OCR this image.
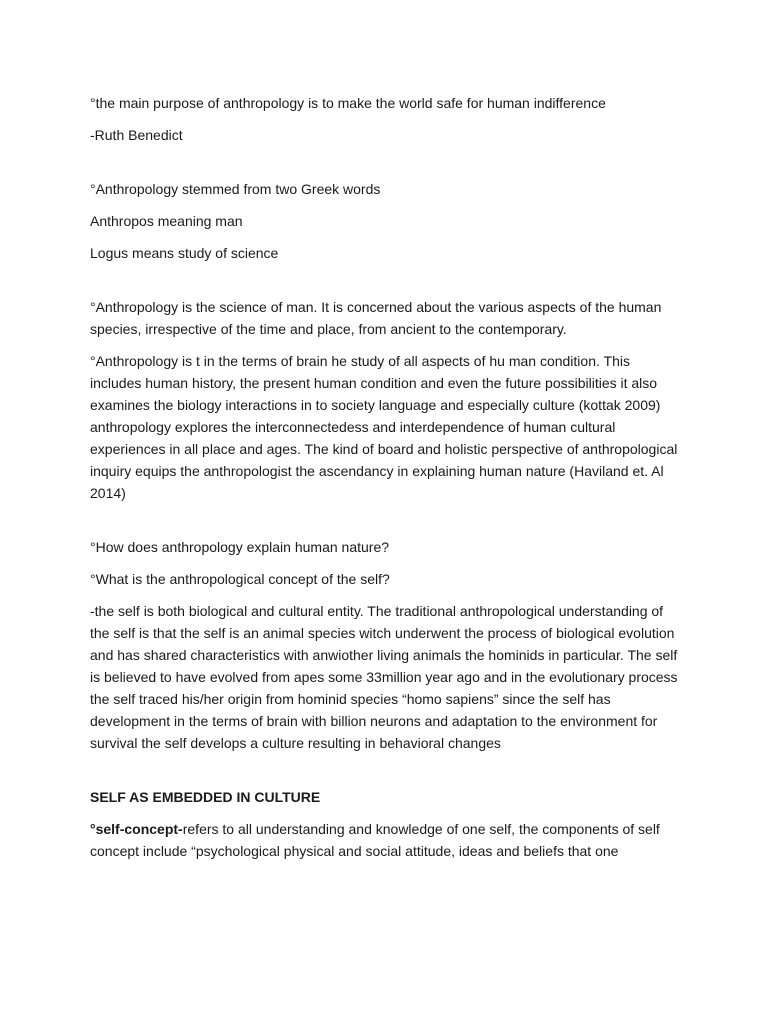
°the main purpose of anthropology is to make the world safe for human indifference

-Ruth Benedict

°Anthropology stemmed from two Greek words

Anthropos meaning man

Logus means study of science

°Anthropology is the science of man. It is concerned about the various aspects of the human species, irrespective of the time and place, from ancient to the contemporary.

°Anthropology is t in the terms of brain he study of all aspects of hu man condition. This includes human history, the present human condition and even the future possibilities it also examines the biology interactions in to society language and especially culture (kottak 2009) anthropology explores the interconnectedess and interdependence of human cultural experiences in all place and ages. The kind of board and holistic perspective of anthropological inquiry equips the anthropologist the ascendancy in explaining human nature (Haviland et. Al 2014)

°How does anthropology explain human nature?

°What is the anthropological concept of the self?

-the self is both biological and cultural entity. The traditional anthropological understanding of the self is that the self is an animal species witch underwent the process of biological evolution and has shared characteristics with anwiother living animals the hominids in particular. The self is believed to have evolved from apes some 33million year ago and in the evolutionary process the self traced his/her origin from hominid species “homo sapiens” since the self has development in the terms of brain with billion neurons and adaptation to the environment for survival the self develops a culture resulting in behavioral changes

SELF AS EMBEDDED IN CULTURE

°self-concept-refers to all understanding and knowledge of one self, the components of self concept include “psychological physical and social attitude, ideas and beliefs that one
